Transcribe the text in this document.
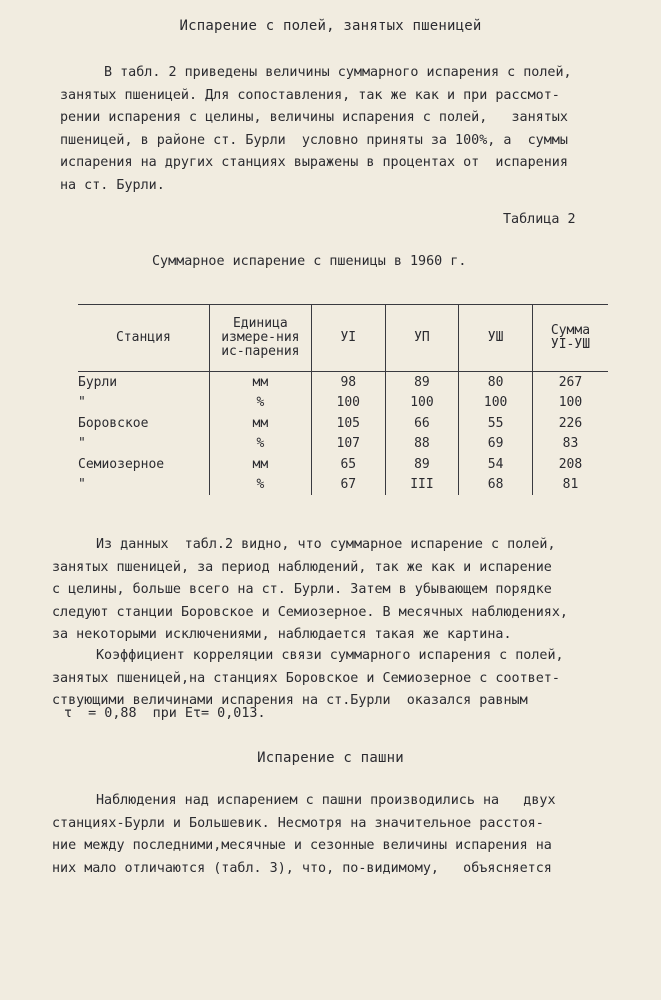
Испарение с полей, занятых пшеницей
В табл. 2 приведены величины суммарного испарения с полей,
занятых пшеницей. Для сопоставления, так же как и при рассмот-
рении испарения с целины, величины испарения с полей,   занятых
пшеницей, в районе ст. Бурли  условно приняты за 100%, а  суммы
испарения на других станциях выражены в процентах от  испарения
на ст. Бурли.
Таблица 2
Суммарное испарение с пшеницы в 1960 г.
Станция	Единица измере-ния ис-парения	УI	УП	УШ	Сумма УI-УШ
Бурли	мм	98	89	80	267
"	%	100	100	100	100
Боровское	мм	105	66	55	226
"	%	107	88	69	83
Семиозерное	мм	65	89	54	208
"	%	67	III	68	81
Из данных  табл.2 видно, что суммарное испарение с полей,
занятых пшеницей, за период наблюдений, так же как и испарение
с целины, больше всего на ст. Бурли. Затем в убывающем порядке
следуют станции Боровское и Семиозерное. В месячных наблюдениях,
за некоторыми исключениями, наблюдается такая же картина.
Коэффициент корреляции связи суммарного испарения с полей,
занятых пшеницей,на станциях Боровское и Семиозерное с соответ-
ствующими величинами испарения на ст.Бурли  оказался равным
τ  = 0,88  при Eτ= 0,013.
Испарение с пашни
Наблюдения над испарением с пашни производились на   двух
станциях-Бурли и Большевик. Несмотря на значительное расстоя-
ние между последними,месячные и сезонные величины испарения на
них мало отличаются (табл. 3), что, по-видимому,   объясняется
